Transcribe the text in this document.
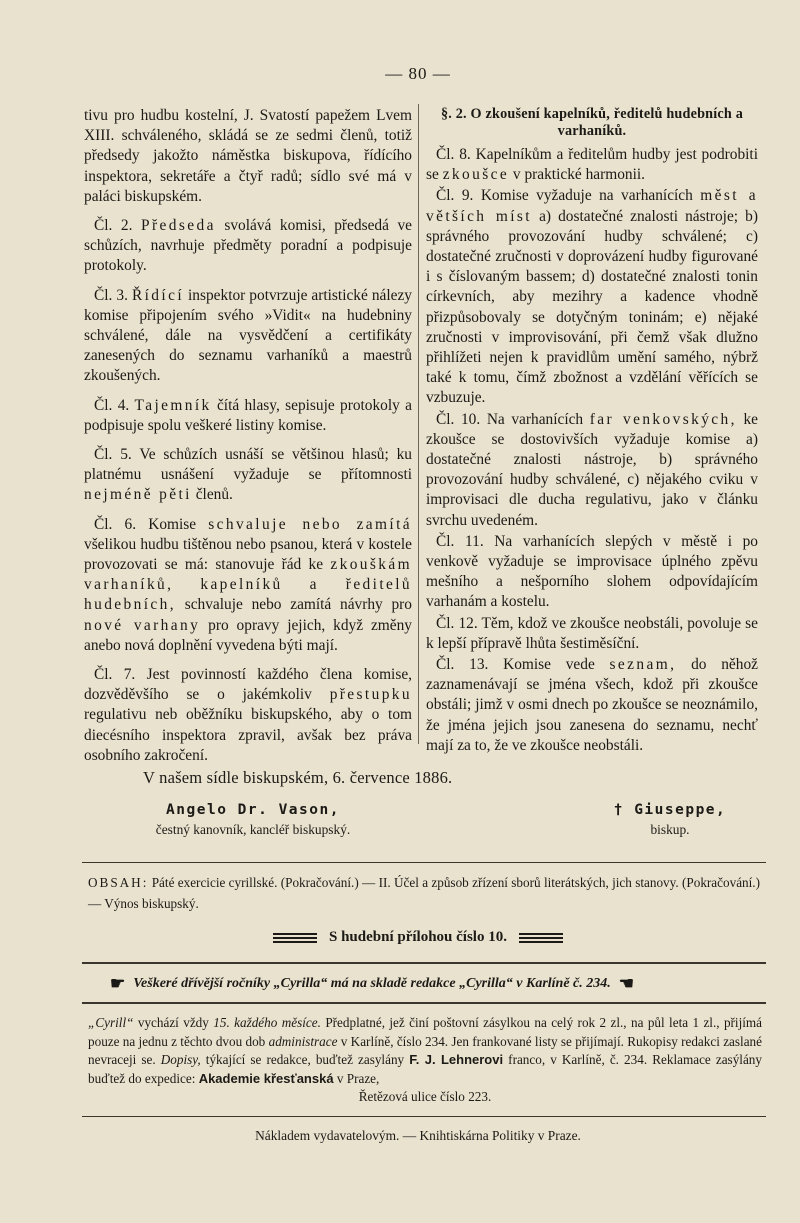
— 80 —

tivu pro hudbu kostelní, J. Svatostí papežem Lvem XIII. schváleného, skládá se ze sedmi členů, totiž předsedy jakožto náměstka biskupova, řídícího inspektora, sekretáře a čtyř radů; sídlo své má v paláci biskupském.

Čl. 2. Předseda svolává komisi, předsedá ve schůzích, navrhuje předměty poradní a podpisuje protokoly.

Čl. 3. Řídící inspektor potvrzuje artistické nálezy komise připojením svého »Vidit« na hudebniny schválené, dále na vysvědčení a certifikáty zanesených do seznamu varhaníků a maestrů zkoušených.

Čl. 4. Tajemník čítá hlasy, sepisuje protokoly a podpisuje spolu veškeré listiny komise.

Čl. 5. Ve schůzích usnáší se většinou hlasů; ku platnému usnášení vyžaduje se přítomnosti nejméně pěti členů.

Čl. 6. Komise schvaluje nebo zamítá všelikou hudbu tištěnou nebo psanou, která v kostele provozovati se má: stanovuje řád ke zkouškám varhaníků, kapelníků a ředitelů hudebních, schvaluje nebo zamítá návrhy pro nové varhany pro opravy jejich, když změny anebo nová doplnění vyvedena býti mají.

Čl. 7. Jest povinností každého člena komise, dozvěděvšího se o jakémkoliv přestupku regulativu neb oběžníku biskupského, aby o tom diecésního inspektora zpravil, avšak bez práva osobního zakročení.

§. 2. O zkoušení kapelníků, ředitelů hudebních a varhaníků.

Čl. 8. Kapelníkům a ředitelům hudby jest podrobiti se zkoušce v praktické harmonii.

Čl. 9. Komise vyžaduje na varhanících měst a větších míst a) dostatečné znalosti nástroje; b) správného provozování hudby schválené; c) dostatečné zručnosti v doprovázení hudby figurované i s číslovaným bassem; d) dostatečné znalosti tonin církevních, aby mezihry a kadence vhodně přizpůsobovaly se dotyčným toninám; e) nějaké zručnosti v improvisování, při čemž však dlužno přihlížeti nejen k pravidlům umění samého, nýbrž také k tomu, čímž zbožnost a vzdělání věřících se vzbuzuje.

Čl. 10. Na varhanících far venkovských, ke zkoušce se dostovivších vyžaduje komise a) dostatečné znalosti nástroje, b) správného provozování hudby schválené, c) nějakého cviku v improvisaci dle ducha regulativu, jako v článku svrchu uvedeném.

Čl. 11. Na varhanících slepých v městě i po venkově vyžaduje se improvisace úplného zpěvu mešního a nešporního slohem odpovídajícím varhanám a kostelu.

Čl. 12. Těm, kdož ve zkoušce neobstáli, povoluje se k lepší přípravě lhůta šestiměsíční.

Čl. 13. Komise vede seznam, do něhož zaznamenávají se jména všech, kdož při zkoušce obstáli; jimž v osmi dnech po zkoušce se neoznámilo, že jména jejich jsou zanesena do seznamu, nechť mají za to, že ve zkoušce neobstáli.

V našem sídle biskupském, 6. července 1886.
Angelo Dr. Vason,
čestný kanovník, kancléř biskupský.
† Giuseppe,
biskup.
OBSAH: Páté exercicie cyrillské. (Pokračování.) — II. Účel a způsob zřízení sborů literátských, jich stanovy. (Pokračování.) — Výnos biskupský.
S hudební přílohou číslo 10.
☛ Veškeré dřívější ročníky „Cyrilla“ má na skladě redakce „Cyrilla“ v Karlíně č. 234. ☚
„Cyrill“ vychází vždy 15. každého měsíce. Předplatné, jež činí poštovní zásylkou na celý rok 2 zl., na půl leta 1 zl., přijímá pouze na jednu z těchto dvou dob administrace v Karlíně, číslo 234. Jen frankované listy se přijímají. Rukopisy redakci zaslané nevraceji se. Dopisy, týkající se redakce, buďtež zasylány F. J. Lehnerovi franco, v Karlíně, č. 234. Reklamace zasýlány buďtež do expedice: Akademie křesťanská v Praze,
Řetězová ulice číslo 223.
Nákladem vydavatelovým. — Knihtiskárna Politiky v Praze.
